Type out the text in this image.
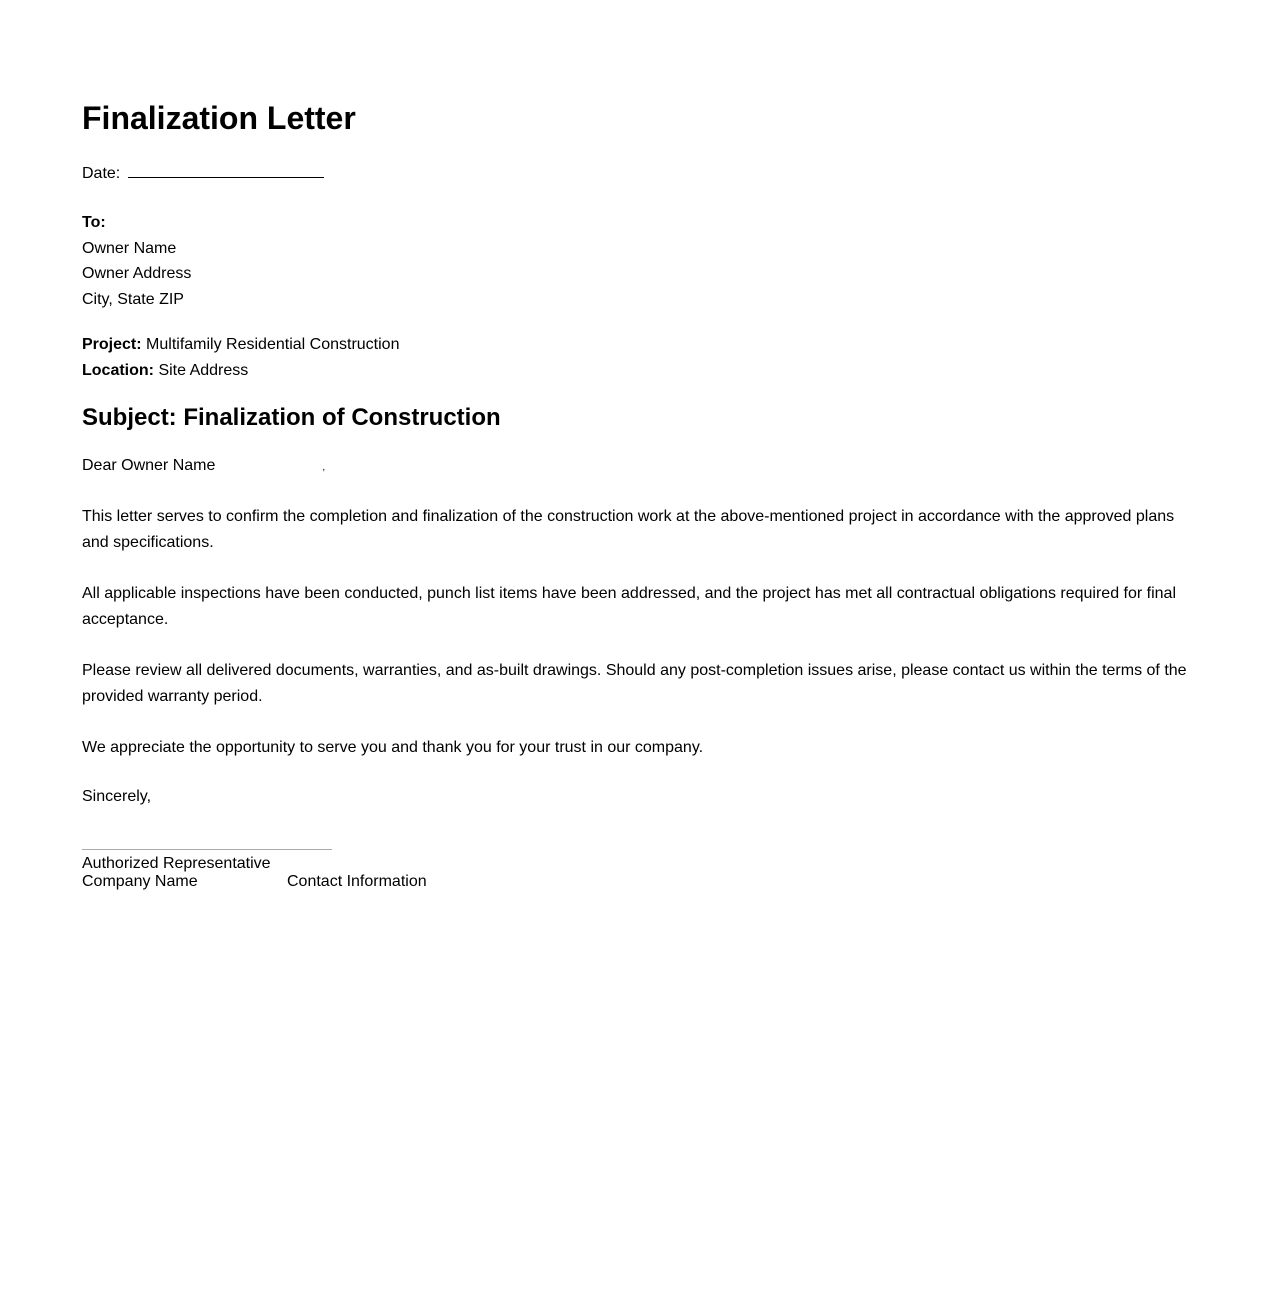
Finalization Letter
Date:
To:
Owner Name
Owner Address
City, State ZIP
Project: Multifamily Residential Construction
Location: Site Address
Subject: Finalization of Construction
Dear Owner Name	,

This letter serves to confirm the completion and finalization of the construction work at the above-mentioned project in accordance with the approved plans and specifications.

All applicable inspections have been conducted, punch list items have been addressed, and the project has met all contractual obligations required for final acceptance.

Please review all delivered documents, warranties, and as-built drawings. Should any post-completion issues arise, please contact us within the terms of the provided warranty period.

We appreciate the opportunity to serve you and thank you for your trust in our company.

Sincerely,
Authorized Representative
Company Name	Contact Information
